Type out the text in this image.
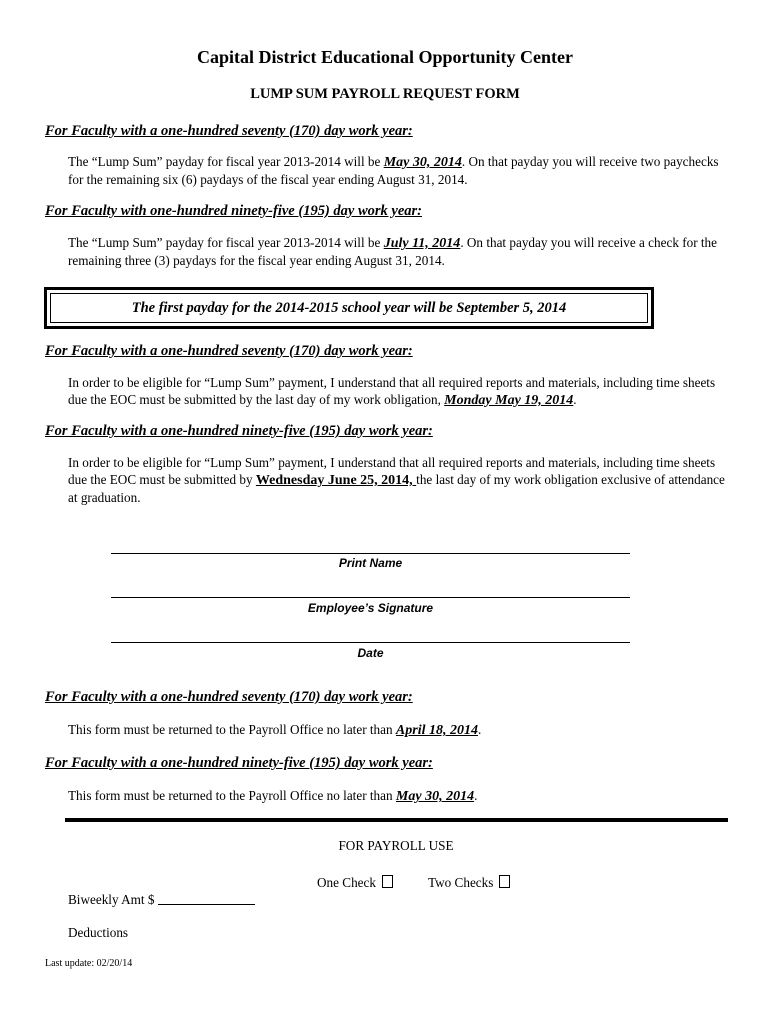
Capital District Educational Opportunity Center
LUMP SUM PAYROLL REQUEST FORM
For Faculty with a one-hundred seventy (170) day work year:
The “Lump Sum” payday for fiscal year 2013-2014 will be May 30, 2014. On that payday you will receive two paychecks for the remaining six (6) paydays of the fiscal year ending August 31, 2014.
For Faculty with one-hundred ninety-five (195) day work year:
The “Lump Sum” payday for fiscal year 2013-2014 will be July 11, 2014. On that payday you will receive a check for the remaining three (3) paydays for the fiscal year ending August 31, 2014.
The first payday for the 2014-2015 school year will be September 5, 2014
For Faculty with a one-hundred seventy (170) day work year:
In order to be eligible for “Lump Sum” payment, I understand that all required reports and materials, including time sheets due the EOC must be submitted by the last day of my work obligation, Monday May 19, 2014.
For Faculty with a one-hundred ninety-five (195) day work year:
In order to be eligible for “Lump Sum” payment, I understand that all required reports and materials, including time sheets due the EOC must be submitted by Wednesday June 25, 2014, the last day of my work obligation exclusive of attendance at graduation.
Print Name
Employee’s Signature
Date
For Faculty with a one-hundred seventy (170) day work year:
This form must be returned to the Payroll Office no later than April 18, 2014.
For Faculty with a one-hundred ninety-five (195) day work year:
This form must be returned to the Payroll Office no later than May 30, 2014.
FOR PAYROLL USE
One Check	Two Checks
Biweekly Amt $
Deductions
Last update: 02/20/14
